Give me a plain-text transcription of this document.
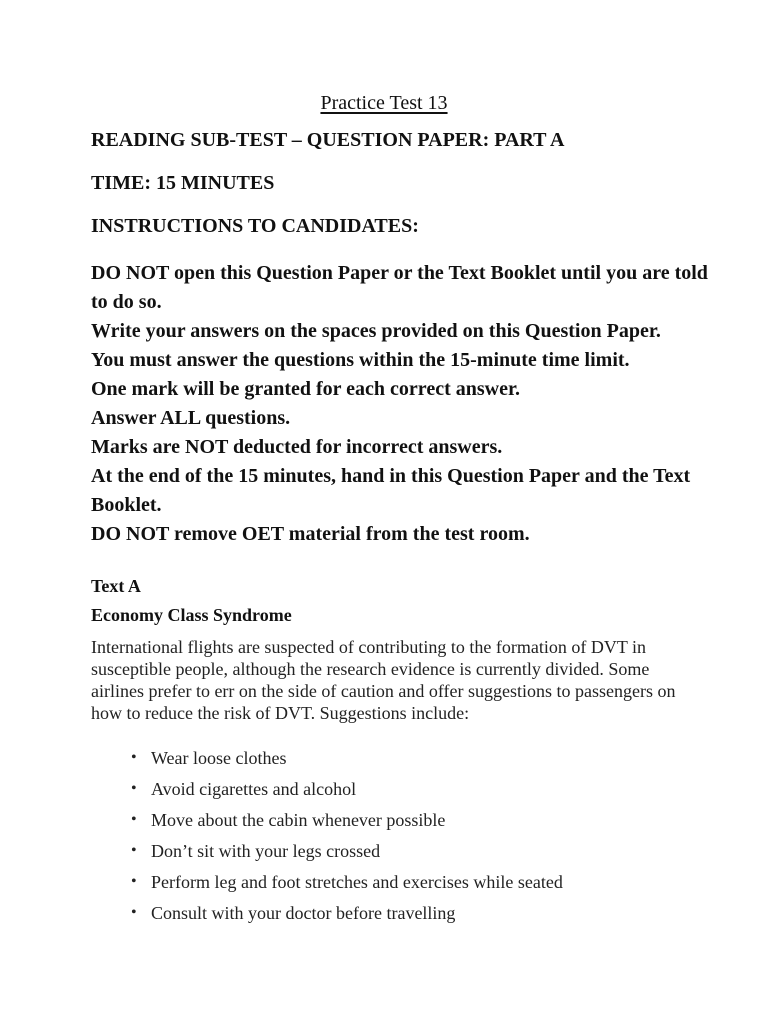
Practice Test 13
READING SUB-TEST – QUESTION PAPER: PART A
TIME: 15 MINUTES
INSTRUCTIONS TO CANDIDATES:
DO NOT open this Question Paper or the Text Booklet until you are told to do so.
Write your answers on the spaces provided on this Question Paper.
You must answer the questions within the 15-minute time limit.
One mark will be granted for each correct answer.
Answer ALL questions.
Marks are NOT deducted for incorrect answers.
At the end of the 15 minutes, hand in this Question Paper and the Text Booklet.
DO NOT remove OET material from the test room.
Text A
Economy Class Syndrome

International flights are suspected of contributing to the formation of DVT in susceptible people, although the research evidence is currently divided. Some airlines prefer to err on the side of caution and offer suggestions to passengers on how to reduce the risk of DVT. Suggestions include:

• Wear loose clothes
• Avoid cigarettes and alcohol
• Move about the cabin whenever possible
• Don’t sit with your legs crossed
• Perform leg and foot stretches and exercises while seated
• Consult with your doctor before travelling
